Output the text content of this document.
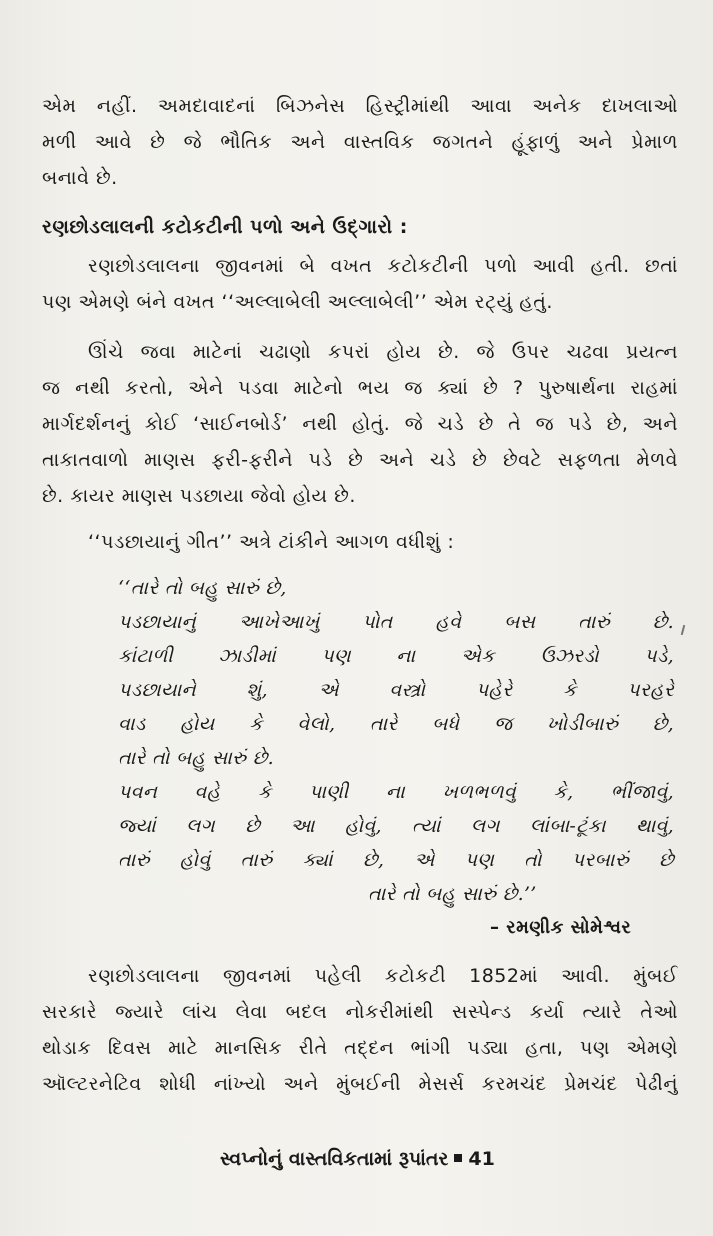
એમ નહીં. અમદાવાદનાં બિઝનેસ હિસ્ટ્રીમાંથી આવા અનેક દાખલાઓ
મળી આવે છે જે ભૌતિક અને વાસ્તવિક જગતને હૂંફાળું અને પ્રેમાળ
બનાવે છે.
રણછોડલાલની કટોકટીની પળો અને ઉદ્ગારો :
રણછોડલાલના જીવનમાં બે વખત કટોકટીની પળો આવી હતી. છતાં
પણ એમણે બંને વખત ‘‘અલ્લાબેલી અલ્લાબેલી’’ એમ રટ્યું હતું.
ઊંચે જવા માટેનાં ચઢાણો કપરાં હોય છે. જે ઉપર ચઢવા પ્રયત્ન
જ નથી કરતો, એને પડવા માટેનો ભય જ ક્યાં છે ? પુરુષાર્થના રાહમાં
માર્ગદર્શનનું કોઈ ‘સાઈનબોર્ડ’ નથી હોતું. જે ચડે છે તે જ પડે છે, અને
તાકાતવાળો માણસ ફરી-ફરીને પડે છે અને ચડે છે છેવટે સફળતા મેળવે
છે. કાયર માણસ પડછાયા જેવો હોય છે.
‘‘પડછાયાનું ગીત’’ અત્રે ટાંકીને આગળ વધીશું :
‘‘તારે તો બહુ સારું છે,
પડછાયાનું આખેઆખું પોત હવે બસ તારું છે.
કાંટાળી ઝાડીમાં પણ ના એક ઉઝરડો પડે,
પડછાયાને શું, એ વસ્ત્રો પહેરે કે પરહરે
વાડ હોય કે વેલો, તારે બધે જ ખોડીબારું છે,
તારે તો બહુ સારું છે.
પવન વહે કે પાણી ના ખળભળવું કે, ભીંજાવું,
જ્યાં લગ છે આ હોવું, ત્યાં લગ લાંબા-ટૂંકા થાવું,
તારું હોવું તારું ક્યાં છે, એ પણ તો પરબારું છે
તારે તો બહુ સારું છે.’’
– રમણીક સોમેશ્વર
રણછોડલાલના જીવનમાં પહેલી કટોકટી 1852માં આવી. મુંબઈ
સરકારે જ્યારે લાંચ લેવા બદલ નોકરીમાંથી સસ્પેન્ડ કર્યા ત્યારે તેઓ
થોડાક દિવસ માટે માનસિક રીતે તદ્દન ભાંગી પડ્યા હતા, પણ એમણે
ઑલ્ટરનેટિવ શોધી નાંખ્યો અને મુંબઈની મેસર્સ કરમચંદ પ્રેમચંદ પેઢીનું
સ્વપ્નોનું વાસ્તવિકતામાં રૂપાંતર 41
